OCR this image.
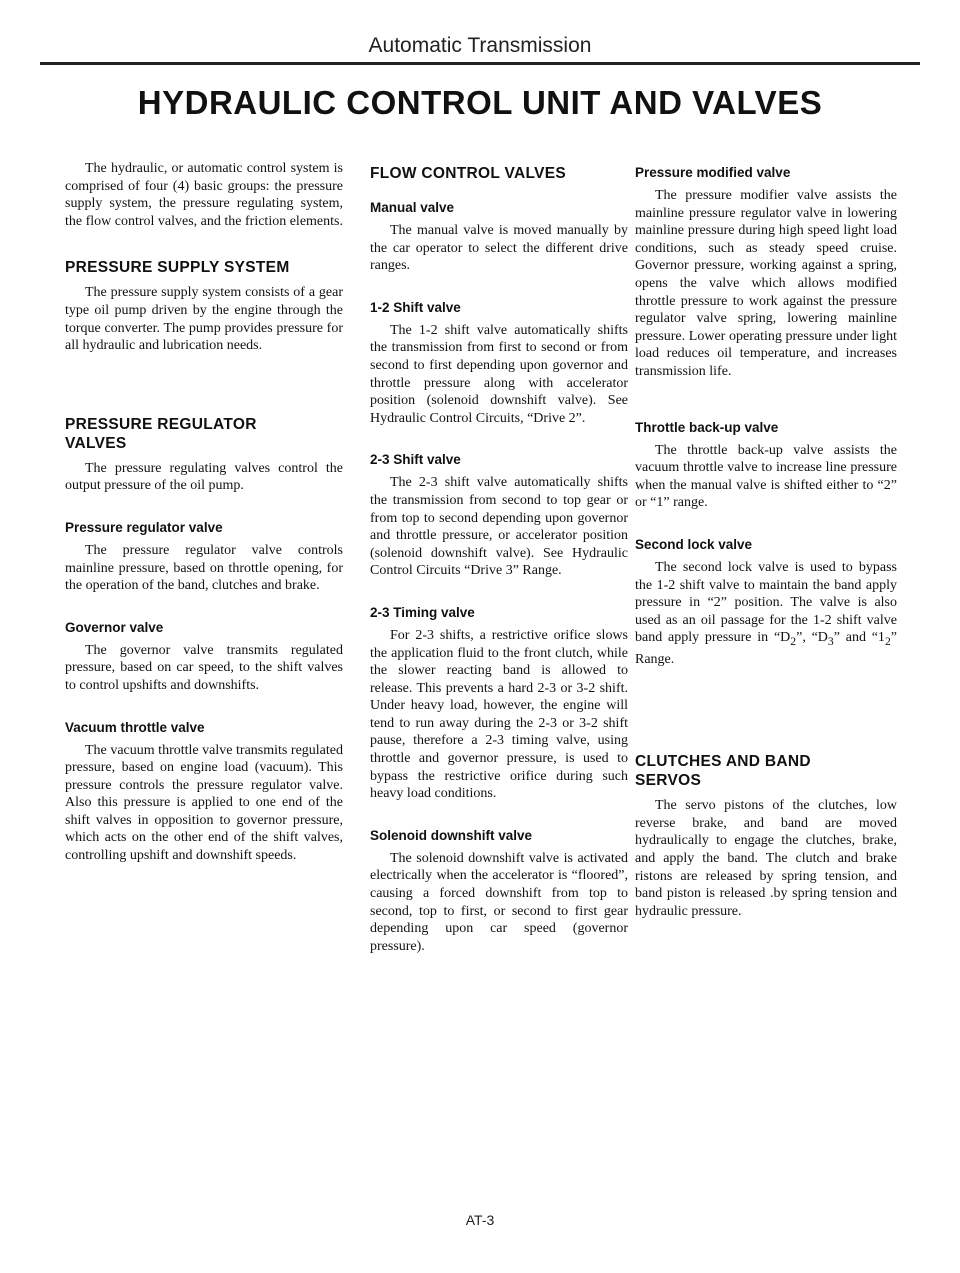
Automatic Transmission
HYDRAULIC CONTROL UNIT AND VALVES

The hydraulic, or automatic control system is comprised of four (4) basic groups: the pressure supply system, the pressure regulating system, the flow control valves, and the friction elements.

PRESSURE SUPPLY SYSTEM

The pressure supply system consists of a gear type oil pump driven by the engine through the torque converter. The pump provides pressure for all hydraulic and lubrication needs.

PRESSURE REGULATOR VALVES

The pressure regulating valves control the output pressure of the oil pump.

Pressure regulator valve

The pressure regulator valve controls mainline pressure, based on throttle opening, for the operation of the band, clutches and brake.

Governor valve

The governor valve transmits regulated pressure, based on car speed, to the shift valves to control upshifts and downshifts.

Vacuum throttle valve

The vacuum throttle valve transmits regulated pressure, based on engine load (vacuum). This pressure controls the pressure regulator valve. Also this pressure is applied to one end of the shift valves in opposition to governor pressure, which acts on the other end of the shift valves, controlling upshift and downshift speeds.

FLOW CONTROL VALVES
Manual valve

The manual valve is moved manually by the car operator to select the different drive ranges.

1-2 Shift valve

The 1-2 shift valve automatically shifts the transmission from first to second or from second to first depending upon governor and throttle pressure along with accelerator position (solenoid downshift valve). See Hydraulic Control Circuits, “Drive 2”.

2-3 Shift valve

The 2-3 shift valve automatically shifts the transmission from second to top gear or from top to second depending upon governor and throttle pressure, or accelerator position (solenoid downshift valve). See Hydraulic Control Circuits “Drive 3” Range.

2-3 Timing valve

For 2-3 shifts, a restrictive orifice slows the application fluid to the front clutch, while the slower reacting band is allowed to release. This prevents a hard 2-3 or 3-2 shift. Under heavy load, however, the engine will tend to run away during the 2-3 or 3-2 shift pause, therefore a 2-3 timing valve, using throttle and governor pressure, is used to bypass the restrictive orifice during such heavy load conditions.

Solenoid downshift valve

The solenoid downshift valve is activated electrically when the accelerator is “floored”, causing a forced downshift from top to second, top to first, or second to first gear depending upon car speed (governor pressure).

Pressure modified valve

The pressure modifier valve assists the mainline pressure regulator valve in lowering mainline pressure during high speed light load conditions, such as steady speed cruise. Governor pressure, working against a spring, opens the valve which allows modified throttle pressure to work against the pressure regulator valve spring, lowering mainline pressure. Lower operating pressure under light load reduces oil temperature, and increases transmission life.

Throttle back-up valve

The throttle back-up valve assists the vacuum throttle valve to increase line pressure when the manual valve is shifted either to “2” or “1” range.

Second lock valve

The second lock valve is used to bypass the 1-2 shift valve to maintain the band apply pressure in “2” position. The valve is also used as an oil passage for the 1-2 shift valve band apply pressure in “$D_2$”, “$D_3$” and “$1_2$” Range.

CLUTCHES AND BAND SERVOS

The servo pistons of the clutches, low reverse brake, and band are moved hydraulically to engage the clutches, brake, and apply the band. The clutch and brake ristons are released by spring tension, and band piston is released .by spring tension and hydraulic pressure.

AT-3
